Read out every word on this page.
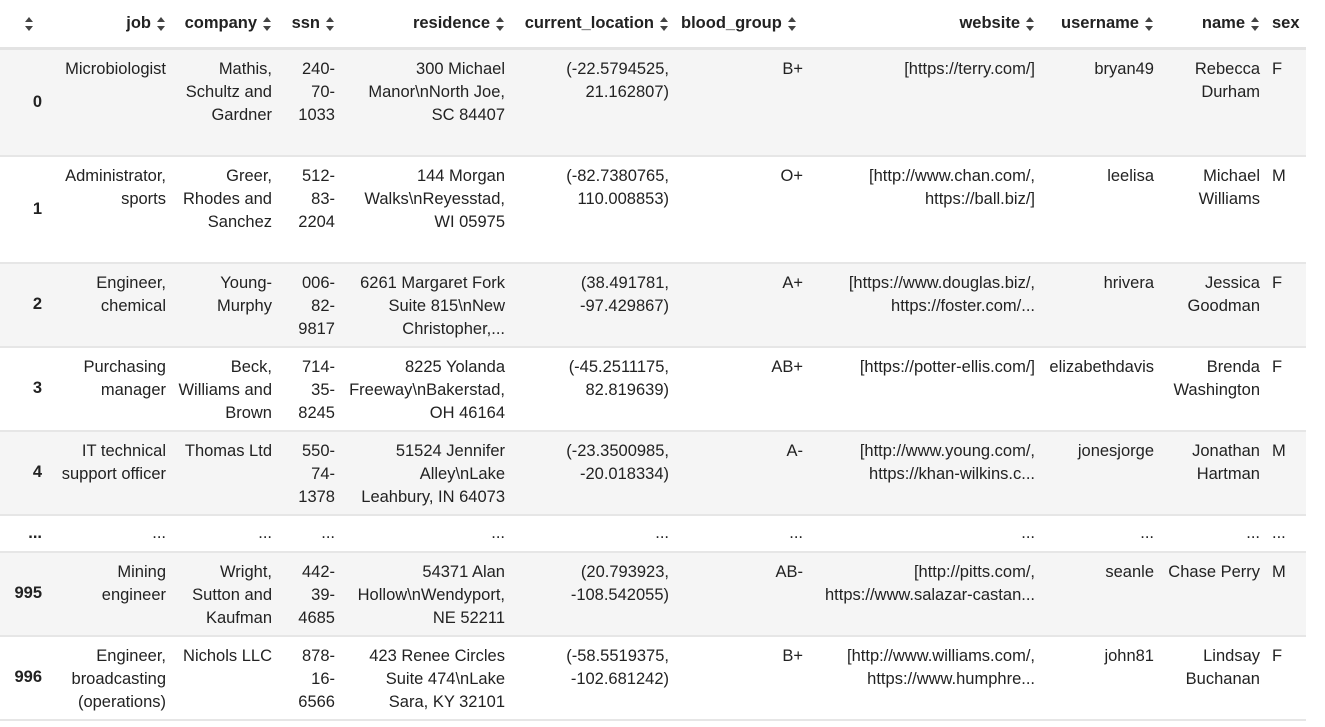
	job	company	ssn	residence	current_location	blood_group	website	username	name	sex
0	Microbiologist	Mathis, Schultz and Gardner	240-70-1033	300 Michael Manor\nNorth Joe, SC 84407	(-22.5794525, 21.162807)	B+	[https://terry.com/]	bryan49	Rebecca Durham	F
1	Administrator, sports	Greer, Rhodes and Sanchez	512-83-2204	144 Morgan Walks\nReyesstad, WI 05975	(-82.7380765, 110.008853)	O+	[http://www.chan.com/, https://ball.biz/]	leelisa	Michael Williams	M
2	Engineer, chemical	Young-Murphy	006-82-9817	6261 Margaret Fork Suite 815\nNew Christopher,...	(38.491781, -97.429867)	A+	[https://www.douglas.biz/, https://foster.com/...	hrivera	Jessica Goodman	F
3	Purchasing manager	Beck, Williams and Brown	714-35-8245	8225 Yolanda Freeway\nBakerstad, OH 46164	(-45.2511175, 82.819639)	AB+	[https://potter-ellis.com/]	elizabethdavis	Brenda Washington	F
4	IT technical support officer	Thomas Ltd	550-74-1378	51524 Jennifer Alley\nLake Leahbury, IN 64073	(-23.3500985, -20.018334)	A-	[http://www.young.com/, https://khan-wilkins.c...	jonesjorge	Jonathan Hartman	M
...	...	...	...	...	...	...	...	...	...	...
995	Mining engineer	Wright, Sutton and Kaufman	442-39-4685	54371 Alan Hollow\nWendyport, NE 52211	(20.793923, -108.542055)	AB-	[http://pitts.com/, https://www.salazar-castan...	seanle	Chase Perry	M
996	Engineer, broadcasting (operations)	Nichols LLC	878-16-6566	423 Renee Circles Suite 474\nLake Sara, KY 32101	(-58.5519375, -102.681242)	B+	[http://www.williams.com/, https://www.humphre...	john81	Lindsay Buchanan	F
